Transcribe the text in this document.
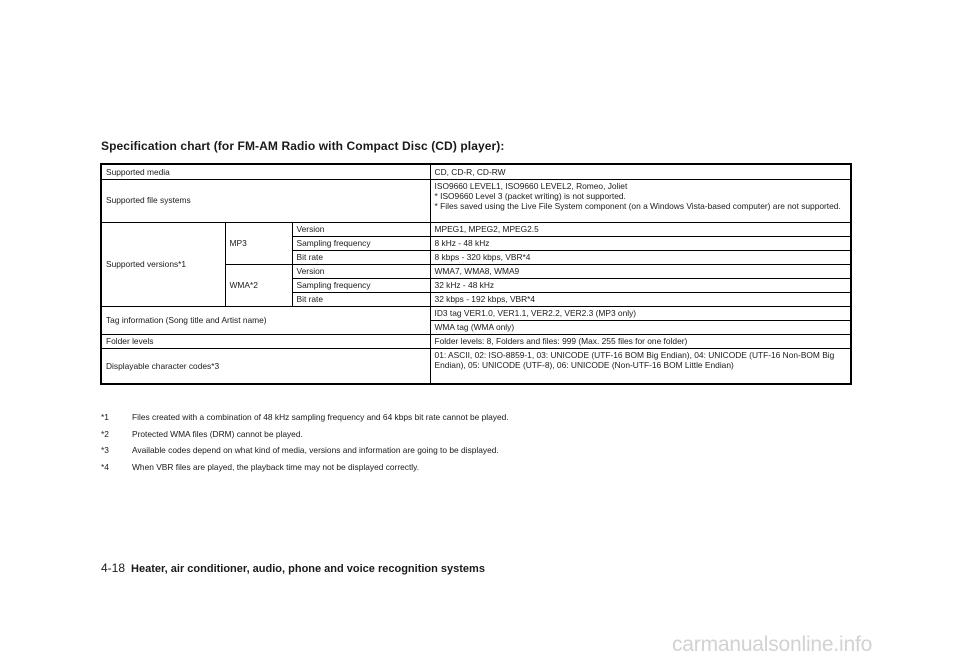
Specification chart (for FM-AM Radio with Compact Disc (CD) player):
Supported media			CD, CD-R, CD-RW
Supported file systems			ISO9660 LEVEL1, ISO9660 LEVEL2, Romeo, Joliet
* ISO9660 Level 3 (packet writing) is not supported.
* Files saved using the Live File System component (on a Windows Vista-based computer) are not supported.

Supported versions*1	MP3	Version	MPEG1, MPEG2, MPEG2.5
		Sampling frequency	8 kHz - 48 kHz
		Bit rate	8 kbps - 320 kbps, VBR*4
	WMA*2	Version	WMA7, WMA8, WMA9
		Sampling frequency	32 kHz - 48 kHz
		Bit rate	32 kbps - 192 kbps, VBR*4
Tag information (Song title and Artist name)			ID3 tag VER1.0, VER1.1, VER2.2, VER2.3 (MP3 only)
			WMA tag (WMA only)
Folder levels			Folder levels: 8, Folders and files: 999 (Max. 255 files for one folder)
Displayable character codes*3			01: ASCII, 02: ISO-8859-1, 03: UNICODE (UTF-16 BOM Big Endian), 04: UNICODE (UTF-16 Non-BOM Big Endian), 05: UNICODE (UTF-8), 06: UNICODE (Non-UTF-16 BOM Little Endian)
*1	Files created with a combination of 48 kHz sampling frequency and 64 kbps bit rate cannot be played.
*2	Protected WMA files (DRM) cannot be played.
*3	Available codes depend on what kind of media, versions and information are going to be displayed.
*4	When VBR files are played, the playback time may not be displayed correctly.
4-18 Heater, air conditioner, audio, phone and voice recognition systems
carmanualsonline.info
